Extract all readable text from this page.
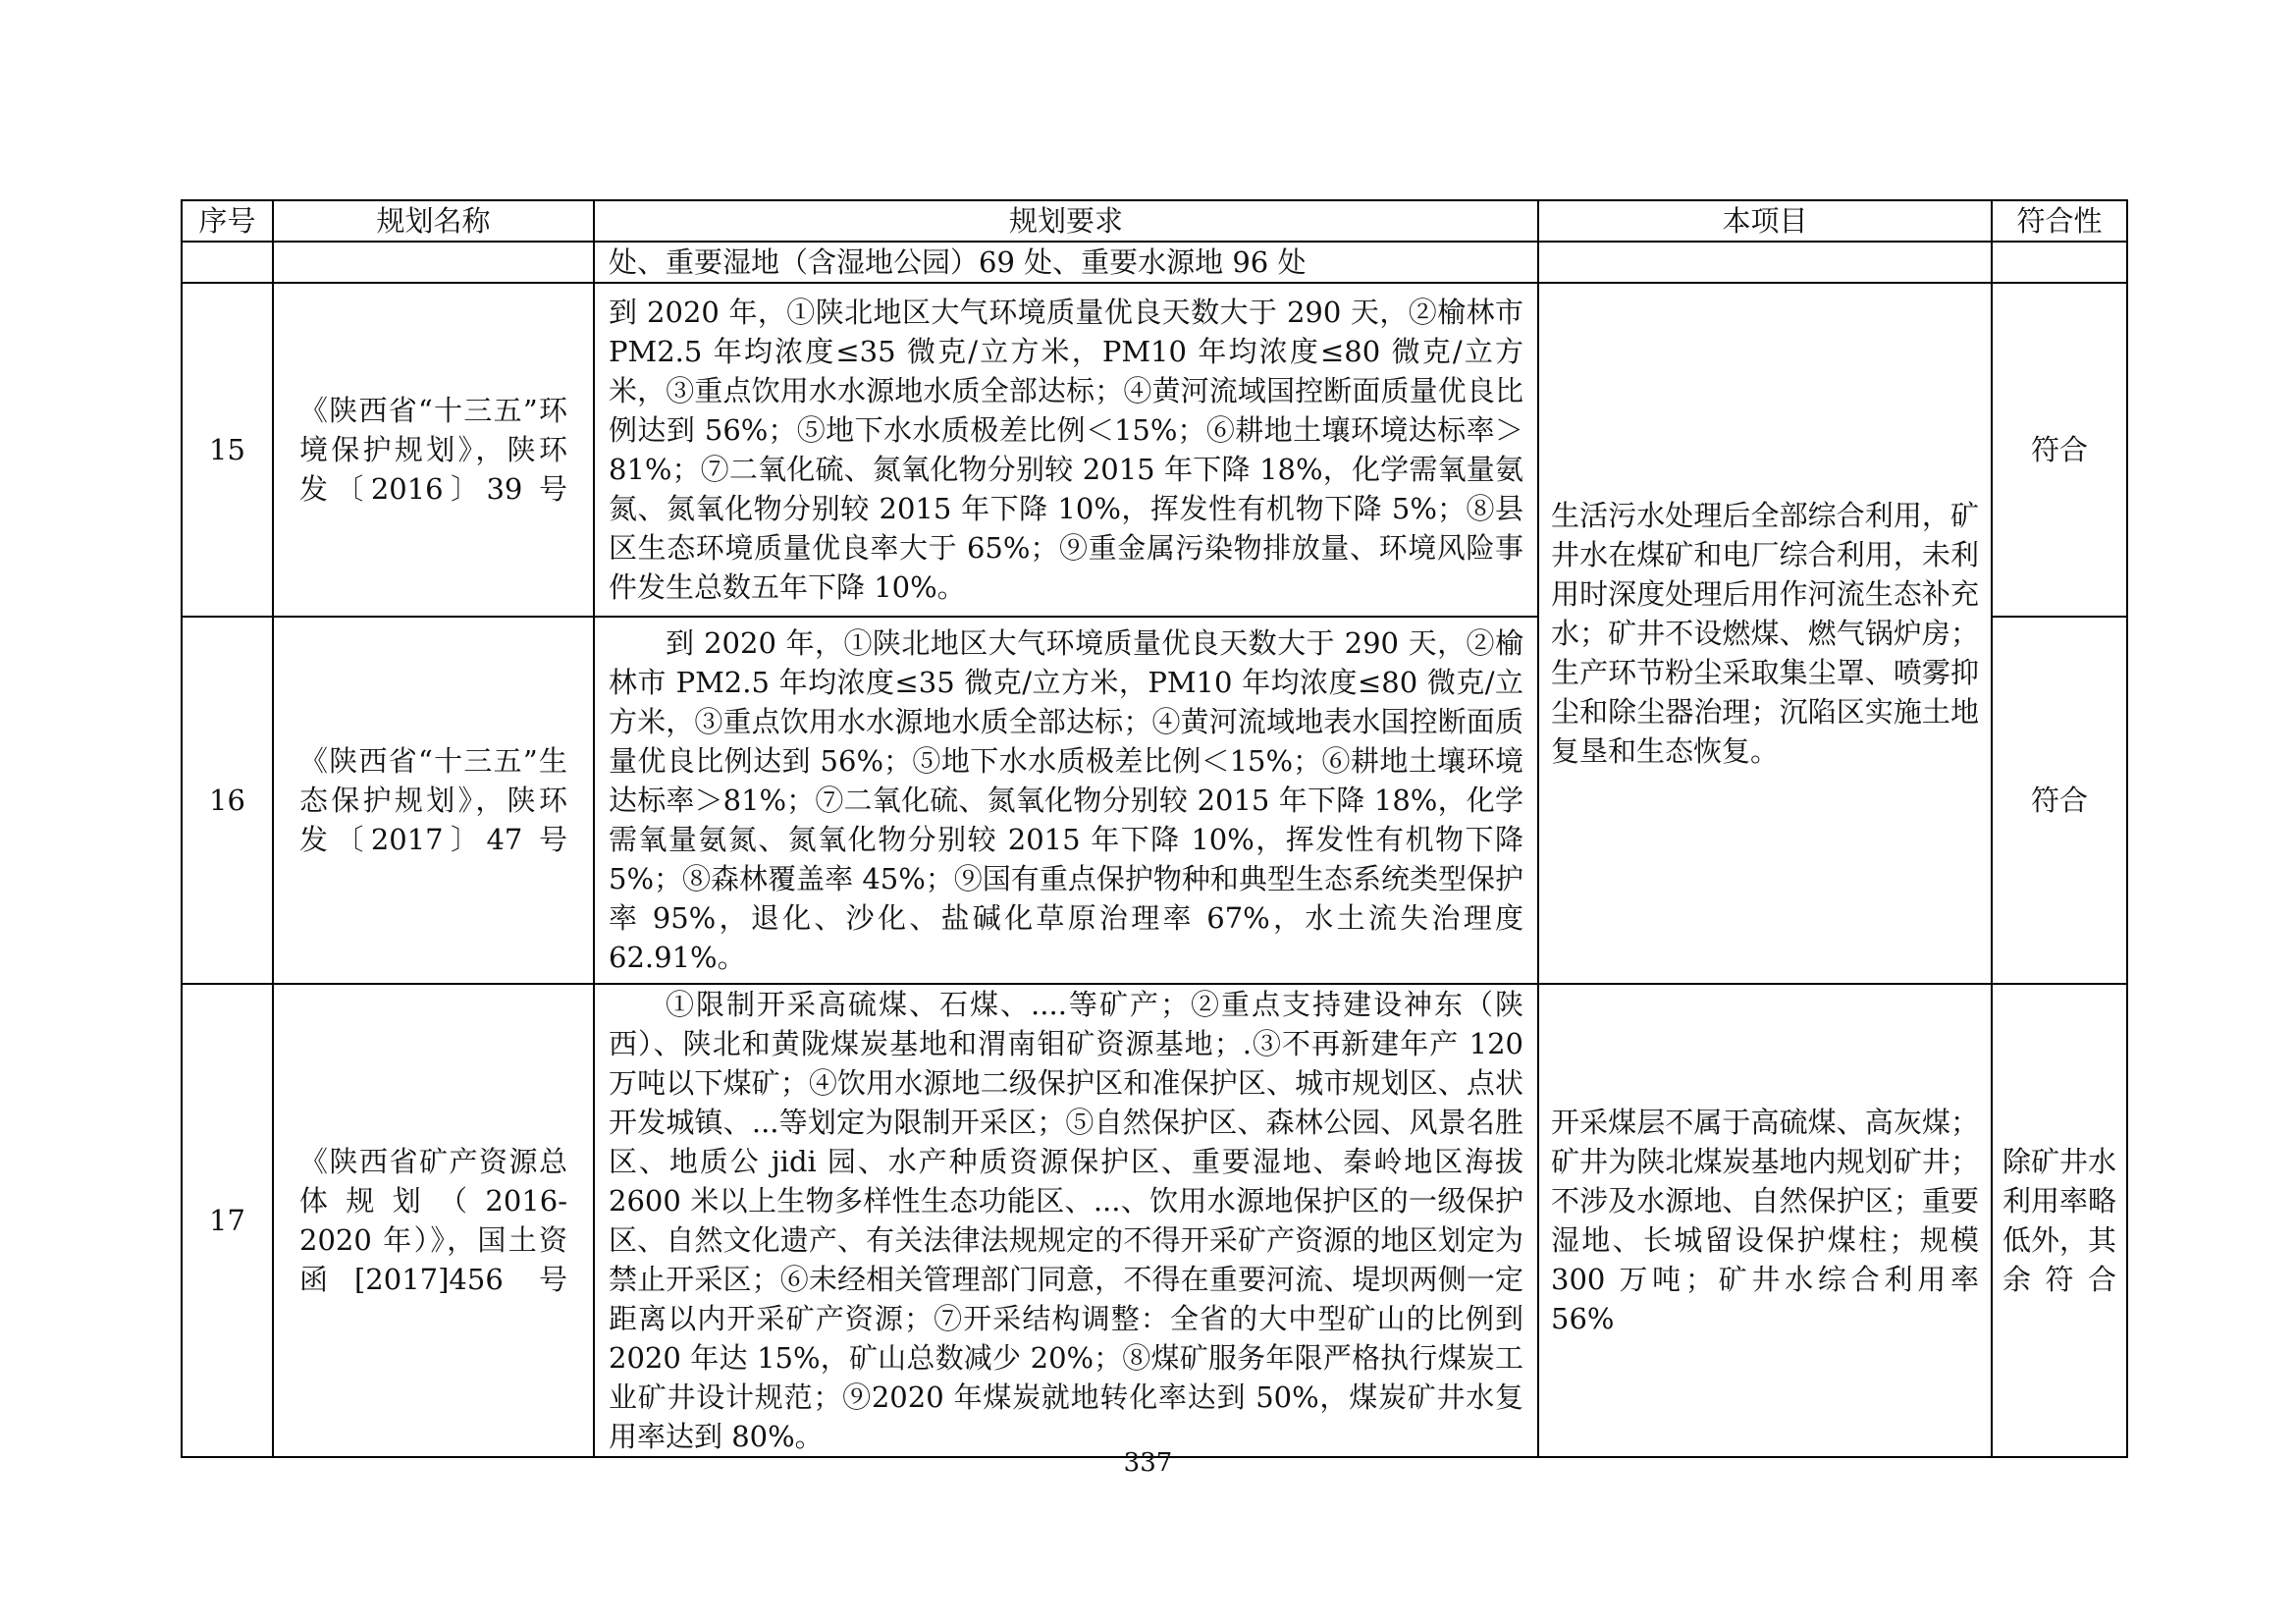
序号	规划名称	规划要求	本项目	符合性
		处、重要湿地（含湿地公园）69 处、重要水源地 96 处		
15	《陕西省“十三五”环境保护规划》，陕环发〔2016〕39 号	到 2020 年，①陕北地区大气环境质量优良天数大于 290 天，②榆林市 PM2.5 年均浓度≤35 微克/立方米，PM10 年均浓度≤80 微克/立方米，③重点饮用水水源地水质全部达标；④黄河流域国控断面质量优良比例达到 56%；⑤地下水水质极差比例＜15%；⑥耕地土壤环境达标率＞81%；⑦二氧化硫、氮氧化物分别较 2015 年下降 18%，化学需氧量氨氮、氮氧化物分别较 2015 年下降 10%，挥发性有机物下降 5%；⑧县区生态环境质量优良率大于 65%；⑨重金属污染物排放量、环境风险事件发生总数五年下降 10%。	生活污水处理后全部综合利用，矿井水在煤矿和电厂综合利用，未利用时深度处理后用作河流生态补充水；矿井不设燃煤、燃气锅炉房；生产环节粉尘采取集尘罩、喷雾抑尘和除尘器治理；沉陷区实施土地复垦和生态恢复。	符合
16	《陕西省“十三五”生态保护规划》，陕环发〔2017〕47 号	到 2020 年，①陕北地区大气环境质量优良天数大于 290 天，②榆林市 PM2.5 年均浓度≤35 微克/立方米，PM10 年均浓度≤80 微克/立方米，③重点饮用水水源地水质全部达标；④黄河流域地表水国控断面质量优良比例达到 56%；⑤地下水水质极差比例＜15%；⑥耕地土壤环境达标率＞81%；⑦二氧化硫、氮氧化物分别较 2015 年下降 18%，化学需氧量氨氮、氮氧化物分别较 2015 年下降 10%，挥发性有机物下降 5%；⑧森林覆盖率 45%；⑨国有重点保护物种和典型生态系统类型保护率 95%，退化、沙化、盐碱化草原治理率 67%，水土流失治理度 62.91%。		符合
17	《陕西省矿产资源总体规划（2016-2020 年）》，国土资函[2017]456 号	①限制开采高硫煤、石煤、....等矿产；②重点支持建设神东（陕西）、陕北和黄陇煤炭基地和渭南钼矿资源基地；.③不再新建年产 120 万吨以下煤矿；④饮用水源地二级保护区和准保护区、城市规划区、点状开发城镇、...等划定为限制开采区；⑤自然保护区、森林公园、风景名胜区、地质公 jidi 园、水产种质资源保护区、重要湿地、秦岭地区海拔 2600 米以上生物多样性生态功能区、...、饮用水源地保护区的一级保护区、自然文化遗产、有关法律法规规定的不得开采矿产资源的地区划定为禁止开采区；⑥未经相关管理部门同意，不得在重要河流、堤坝两侧一定距离以内开采矿产资源；⑦开采结构调整：全省的大中型矿山的比例到 2020 年达 15%，矿山总数减少 20%；⑧煤矿服务年限严格执行煤炭工业矿井设计规范；⑨2020 年煤炭就地转化率达到 50%，煤炭矿井水复用率达到 80%。	开采煤层不属于高硫煤、高灰煤；矿井为陕北煤炭基地内规划矿井；不涉及水源地、自然保护区；重要湿地、长城留设保护煤柱；规模 300 万吨；矿井水综合利用率 56%	除矿井水利用率略低外，其余符合
337
